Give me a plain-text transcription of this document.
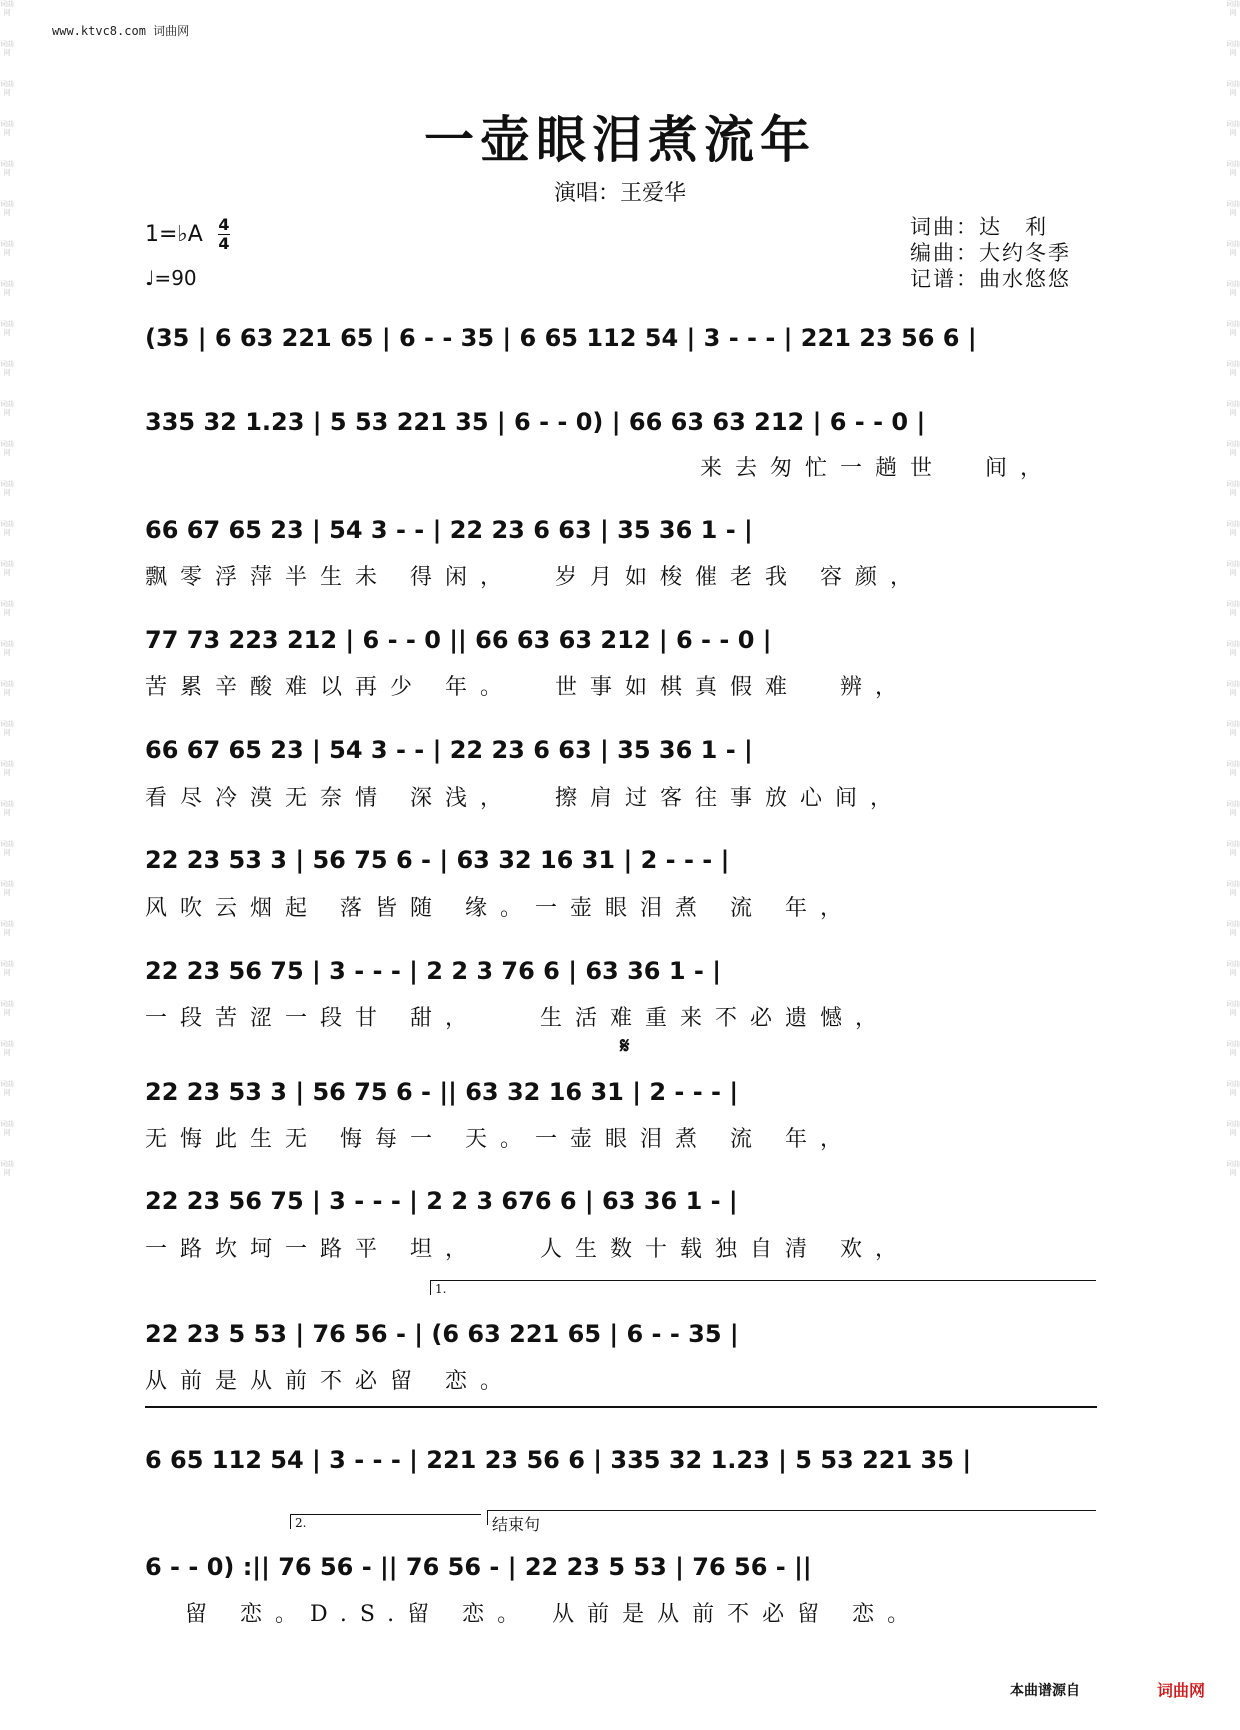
词曲网
词曲网
词曲网
词曲网
词曲网
词曲网
词曲网
词曲网
词曲网
词曲网
词曲网
词曲网
词曲网
词曲网
词曲网
词曲网
词曲网
词曲网
词曲网
词曲网
词曲网
词曲网
词曲网
词曲网
词曲网
词曲网
词曲网
词曲网
词曲网
词曲网
词曲网
词曲网
词曲网
词曲网
词曲网
词曲网
词曲网
词曲网
词曲网
词曲网
词曲网
词曲网
词曲网
词曲网
词曲网
词曲网
词曲网
词曲网
词曲网
词曲网
词曲网
词曲网
词曲网
词曲网
词曲网
词曲网
词曲网
词曲网
词曲网
词曲网
www.ktvc8.com 词曲网
一壶眼泪煮流年
演唱：王爱华
1=♭A 4
4
♩=90
词曲：达　利
编曲：大约冬季
记谱：曲水悠悠
(35 | 6 63 221 65 | 6 - - 35 | 6 65 112 54 | 3 - - - | 221 23 56 6 |
335 32 1.23 | 5 53 221 35 | 6 - - 0) | 66 63 63 212 | 6 - - 0 |
来去匆忙一趟世  间，
66 67 65 23 | 54 3 - - | 22 23 6 63 | 35 36 1 - |
飘零浮萍半生未 得闲，  岁月如梭催老我 容颜，
77 73 223 212 | 6 - - 0 || 66 63 63 212 | 6 - - 0 |
苦累辛酸难以再少 年。  世事如棋真假难  辨，
66 67 65 23 | 54 3 - - | 22 23 6 63 | 35 36 1 - |
看尽冷漠无奈情 深浅，  擦肩过客往事放心间，
22 23 53 3 | 56 75 6 - | 63 32 16 31 | 2 - - - |
风吹云烟起 落皆随 缘。一壶眼泪煮 流 年，
22 23 56 75 | 3 - - - | 2 2 3 76 6 | 63 36 1 - |
一段苦涩一段甘 甜，   生活难重来不必遗憾，
𝄋
22 23 53 3 | 56 75 6 - || 63 32 16 31 | 2 - - - |
无悔此生无 悔每一 天。一壶眼泪煮 流 年，
22 23 56 75 | 3 - - - | 2 2 3 676 6 | 63 36 1 - |
一路坎坷一路平 坦，   人生数十载独自清 欢，
1.
22 23 5 53 | 76 56 - | (6 63 221 65 | 6 - - 35 |
从前是从前不必留 恋。
6 65 112 54 | 3 - - - | 221 23 56 6 | 335 32 1.23 | 5 53 221 35 |
2.	结束句
6 - - 0) :|| 76 56 - || 76 56 - | 22 23 5 53 | 76 56 - ||
留 恋。D.S.留 恋。 从前是从前不必留 恋。
本曲谱源自	词曲网
